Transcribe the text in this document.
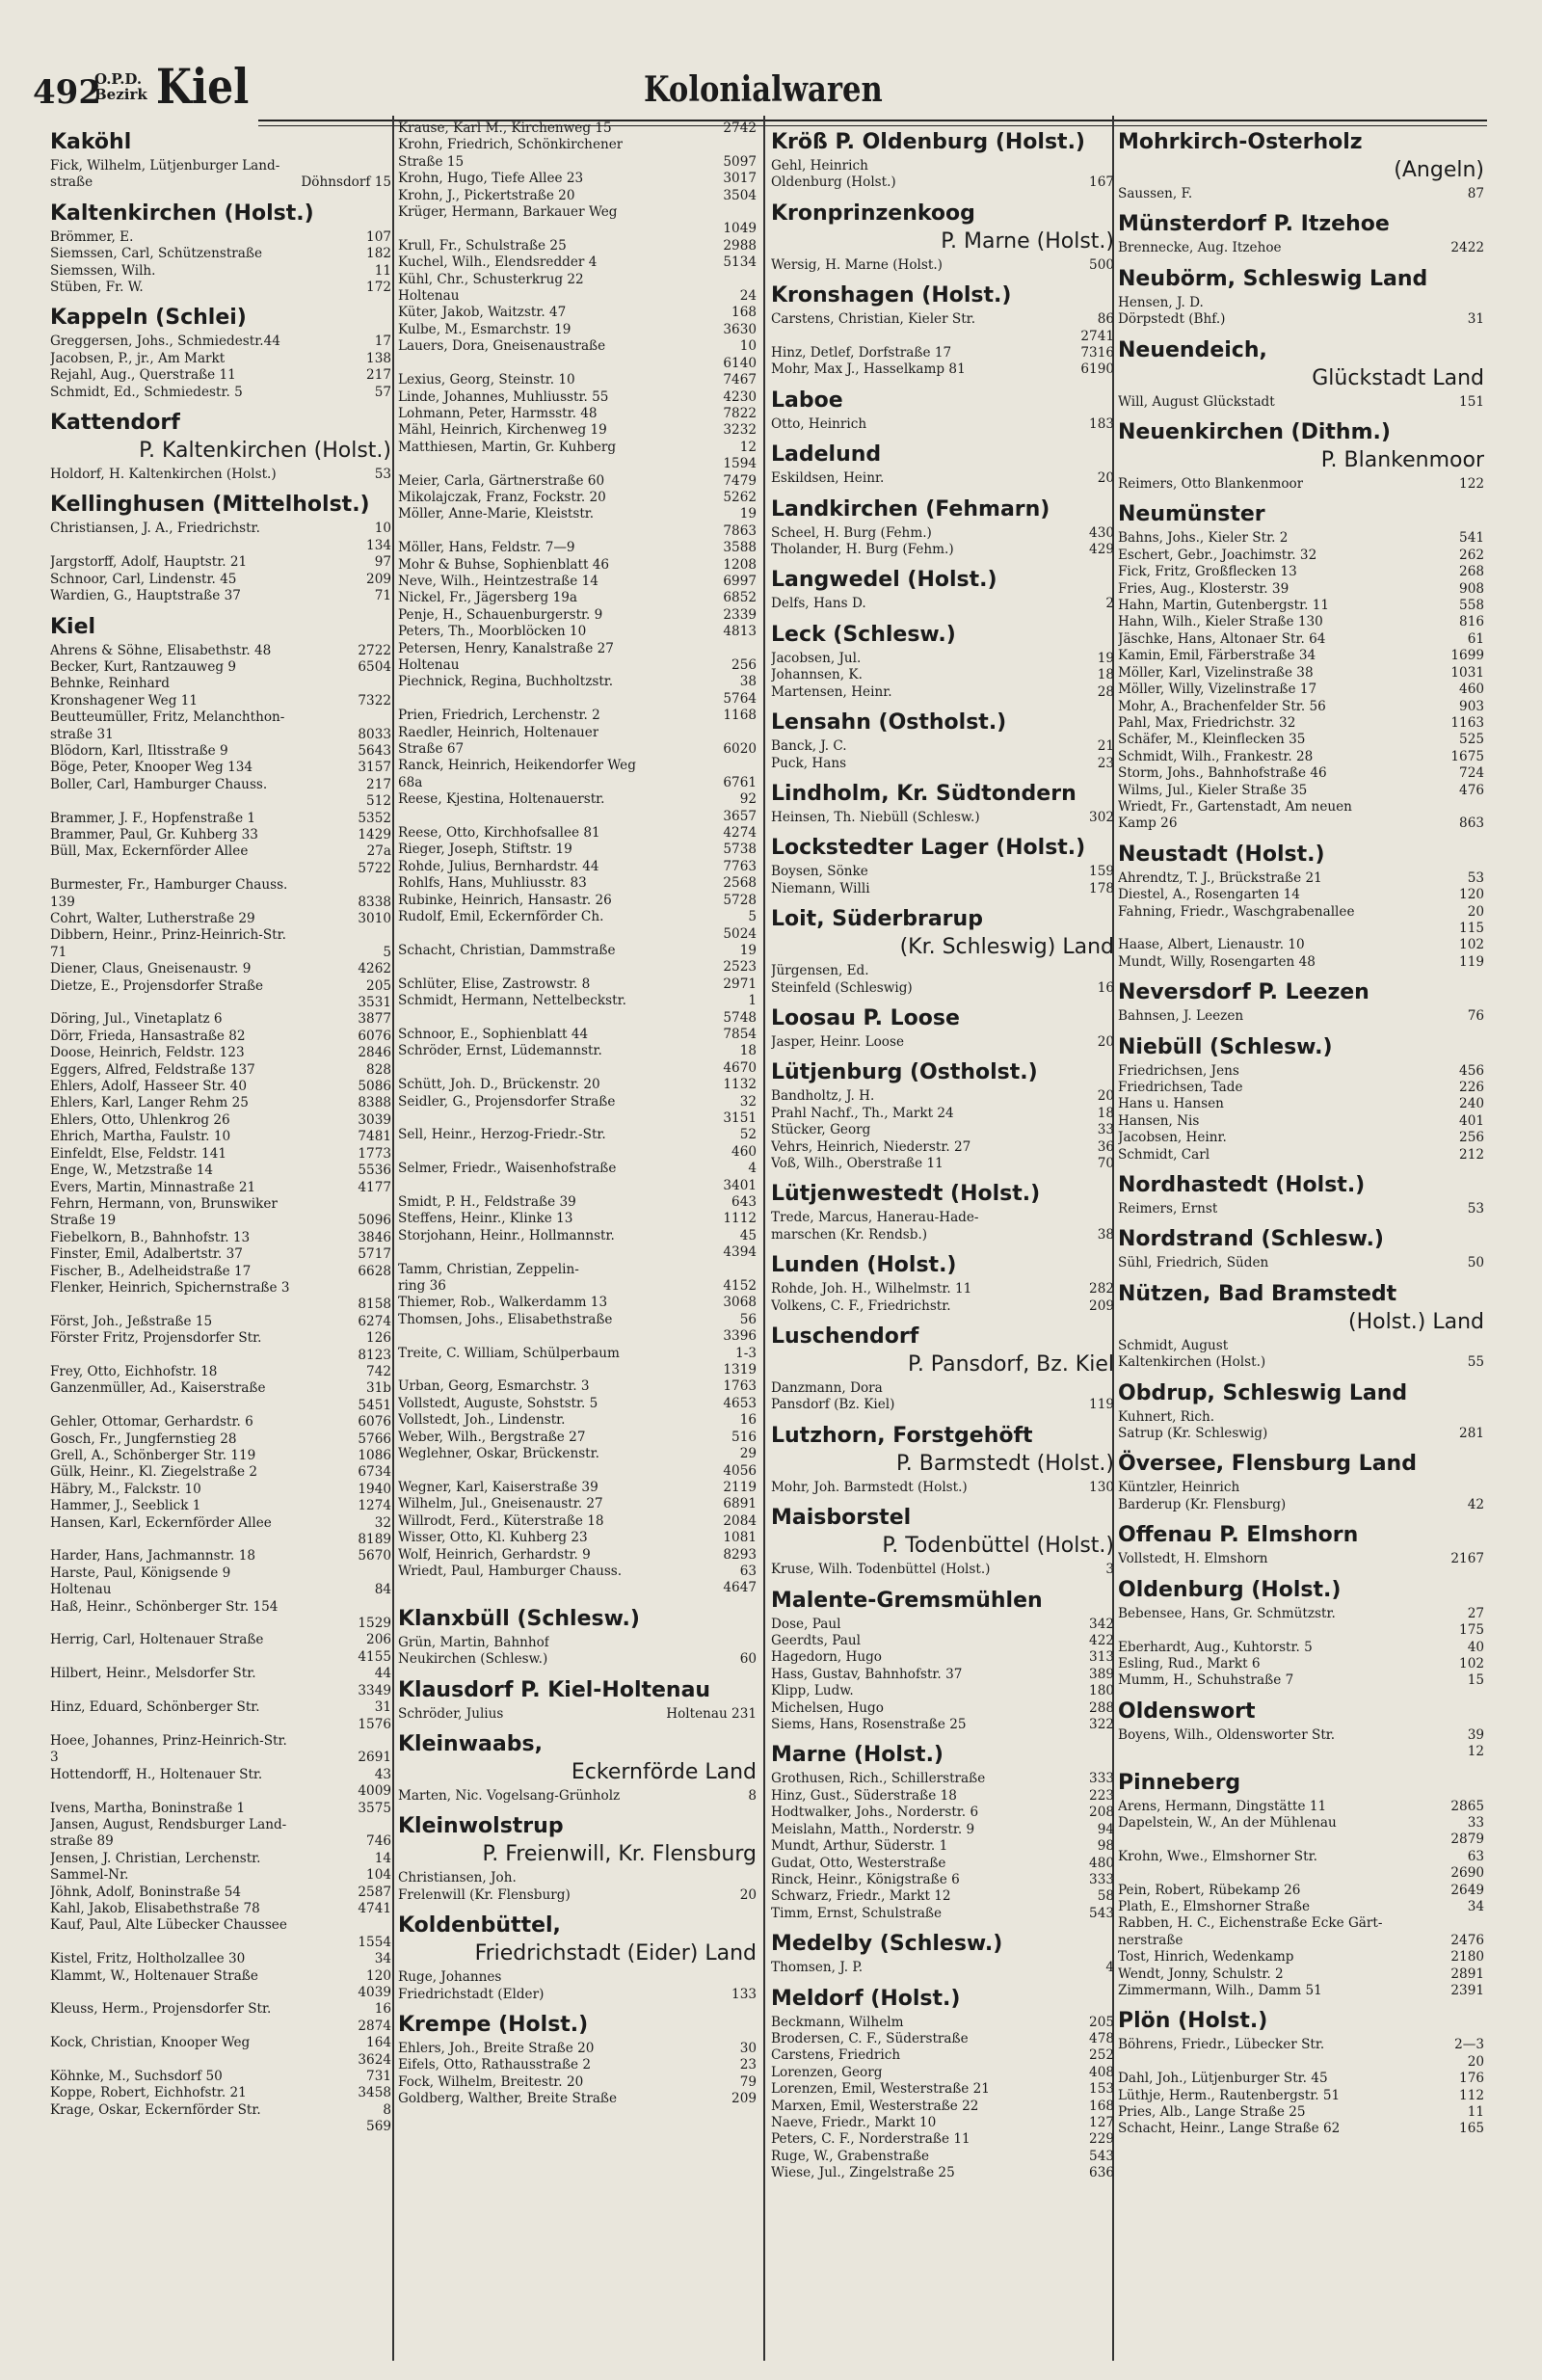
492
O.P.D.
Bezirk Kiel	Kolonialwaren
Kaköhl
Fick, Wilhelm, Lütjenburger Land-
straße	Döhnsdorf 15
Kaltenkirchen (Holst.)
Brömmer, E.	107
Siemssen, Carl, Schützenstraße	182
Siemssen, Wilh.	11
Stüben, Fr. W.	172
Kappeln (Schlei)
Greggersen, Johs., Schmiedestr.44	17
Jacobsen, P., jr., Am Markt	138
Rejahl, Aug., Querstraße 11	217
Schmidt, Ed., Schmiedestr. 5	57
Kattendorf
P. Kaltenkirchen (Holst.)
Holdorf, H. Kaltenkirchen (Holst.)	53
Kellinghusen (Mittelholst.)
Christiansen, J. A., Friedrichstr.	10
134
Jargstorff, Adolf, Hauptstr. 21	97
Schnoor, Carl, Lindenstr. 45	209
Wardien, G., Hauptstraße 37	71
Kiel
Ahrens & Söhne, Elisabethstr. 48	2722
Becker, Kurt, Rantzauweg 9	6504
Behnke, Reinhard
Kronshagener Weg 11	7322
Beutteumüller, Fritz, Melanchthon-
straße 31	8033
Blödorn, Karl, Iltisstraße 9	5643
Böge, Peter, Knooper Weg 134	3157
Boller, Carl, Hamburger Chauss.	217
512
Brammer, J. F., Hopfenstraße 1	5352
Brammer, Paul, Gr. Kuhberg 33	1429
Büll, Max, Eckernförder Allee	27a
5722
Burmester, Fr., Hamburger Chauss.
139	8338
Cohrt, Walter, Lutherstraße 29	3010
Dibbern, Heinr., Prinz-Heinrich-Str.
71	5
Diener, Claus, Gneisenaustr. 9	4262
Dietze, E., Projensdorfer Straße	205
3531
Döring, Jul., Vinetaplatz 6	3877
Dörr, Frieda, Hansastraße 82	6076
Doose, Heinrich, Feldstr. 123	2846
Eggers, Alfred, Feldstraße 137	828
Ehlers, Adolf, Hasseer Str. 40	5086
Ehlers, Karl, Langer Rehm 25	8388
Ehlers, Otto, Uhlenkrog 26	3039
Ehrich, Martha, Faulstr. 10	7481
Einfeldt, Else, Feldstr. 141	1773
Enge, W., Metzstraße 14	5536
Evers, Martin, Minnastraße 21	4177
Fehrn, Hermann, von, Brunswiker
Straße 19	5096
Fiebelkorn, B., Bahnhofstr. 13	3846
Finster, Emil, Adalbertstr. 37	5717
Fischer, B., Adelheidstraße 17	6628
Flenker, Heinrich, Spichernstraße 3
8158
Först, Joh., Jeßstraße 15	6274
Förster Fritz, Projensdorfer Str.	126
8123
Frey, Otto, Eichhofstr. 18	742
Ganzenmüller, Ad., Kaiserstraße	31b
5451
Gehler, Ottomar, Gerhardstr. 6	6076
Gosch, Fr., Jungfernstieg 28	5766
Grell, A., Schönberger Str. 119	1086
Gülk, Heinr., Kl. Ziegelstraße 2	6734
Häbry, M., Falckstr. 10	1940
Hammer, J., Seeblick 1	1274
Hansen, Karl, Eckernförder Allee	32
8189
Harder, Hans, Jachmannstr. 18	5670
Harste, Paul, Königsende 9
Holtenau	84
Haß, Heinr., Schönberger Str. 154
1529
Herrig, Carl, Holtenauer Straße	206
4155
Hilbert, Heinr., Melsdorfer Str.	44
3349
Hinz, Eduard, Schönberger Str.	31
1576
Hoee, Johannes, Prinz-Heinrich-Str.
3	2691
Hottendorff, H., Holtenauer Str.	43
4009
Ivens, Martha, Boninstraße 1	3575
Jansen, August, Rendsburger Land-
straße 89	746
Jensen, J. Christian, Lerchenstr.	14
Sammel-Nr.	104
Jöhnk, Adolf, Boninstraße 54	2587
Kahl, Jakob, Elisabethstraße 78	4741
Kauf, Paul, Alte Lübecker Chaussee
1554
Kistel, Fritz, Holtholzallee 30	34
Klammt, W., Holtenauer Straße	120
4039
Kleuss, Herm., Projensdorfer Str.	16
2874
Kock, Christian, Knooper Weg	164
3624
Köhnke, M., Suchsdorf 50	731
Koppe, Robert, Eichhofstr. 21	3458
Krage, Oskar, Eckernförder Str.	8
569
Krause, Karl M., Kirchenweg 15	2742
Krohn, Friedrich, Schönkirchener
Straße 15	5097
Krohn, Hugo, Tiefe Allee 23	3017
Krohn, J., Pickertstraße 20	3504
Krüger, Hermann, Barkauer Weg
1049
Krull, Fr., Schulstraße 25	2988
Kuchel, Wilh., Elendsredder 4	5134
Kühl, Chr., Schusterkrug 22
Holtenau	24
Küter, Jakob, Waitzstr. 47	168
Kulbe, M., Esmarchstr. 19	3630
Lauers, Dora, Gneisenaustraße	10
6140
Lexius, Georg, Steinstr. 10	7467
Linde, Johannes, Muhliusstr. 55	4230
Lohmann, Peter, Harmsstr. 48	7822
Mähl, Heinrich, Kirchenweg 19	3232
Matthiesen, Martin, Gr. Kuhberg	12
1594
Meier, Carla, Gärtnerstraße 60	7479
Mikolajczak, Franz, Fockstr. 20	5262
Möller, Anne-Marie, Kleiststr.	19
7863
Möller, Hans, Feldstr. 7—9	3588
Mohr & Buhse, Sophienblatt 46	1208
Neve, Wilh., Heintzestraße 14	6997
Nickel, Fr., Jägersberg 19a	6852
Penje, H., Schauenburgerstr. 9	2339
Peters, Th., Moorblöcken 10	4813
Petersen, Henry, Kanalstraße 27
Holtenau	256
Piechnick, Regina, Buchholtzstr.	38
5764
Prien, Friedrich, Lerchenstr. 2	1168
Raedler, Heinrich, Holtenauer
Straße 67	6020
Ranck, Heinrich, Heikendorfer Weg
68a	6761
Reese, Kjestina, Holtenauerstr.	92
3657
Reese, Otto, Kirchhofsallee 81	4274
Rieger, Joseph, Stiftstr. 19	5738
Rohde, Julius, Bernhardstr. 44	7763
Rohlfs, Hans, Muhliusstr. 83	2568
Rubinke, Heinrich, Hansastr. 26	5728
Rudolf, Emil, Eckernförder Ch.	5
5024
Schacht, Christian, Dammstraße	19
2523
Schlüter, Elise, Zastrowstr. 8	2971
Schmidt, Hermann, Nettelbeckstr.	1
5748
Schnoor, E., Sophienblatt 44	7854
Schröder, Ernst, Lüdemannstr.	18
4670
Schütt, Joh. D., Brückenstr. 20	1132
Seidler, G., Projensdorfer Straße	32
3151
Sell, Heinr., Herzog-Friedr.-Str.	52
460
Selmer, Friedr., Waisenhofstraße	4
3401
Smidt, P. H., Feldstraße 39	643
Steffens, Heinr., Klinke 13	1112
Storjohann, Heinr., Hollmannstr.	45
4394
Tamm, Christian, Zeppelin-
ring 36	4152
Thiemer, Rob., Walkerdamm 13	3068
Thomsen, Johs., Elisabethstraße	56
3396
Treite, C. William, Schülperbaum	1-3
1319
Urban, Georg, Esmarchstr. 3	1763
Vollstedt, Auguste, Sohststr. 5	4653
Vollstedt, Joh., Lindenstr.	16
Weber, Wilh., Bergstraße 27	516
Weglehner, Oskar, Brückenstr.	29
4056
Wegner, Karl, Kaiserstraße 39	2119
Wilhelm, Jul., Gneisenaustr. 27	6891
Willrodt, Ferd., Küterstraße 18	2084
Wisser, Otto, Kl. Kuhberg 23	1081
Wolf, Heinrich, Gerhardstr. 9	8293
Wriedt, Paul, Hamburger Chauss.	63
4647
Klanxbüll (Schlesw.)
Grün, Martin, Bahnhof
Neukirchen (Schlesw.)	60
Klausdorf P. Kiel-Holtenau
Schröder, Julius	Holtenau 231
Kleinwaabs,
Eckernförde Land
Marten, Nic. Vogelsang-Grünholz	8
Kleinwolstrup
P. Freienwill, Kr. Flensburg
Christiansen, Joh.
Frelenwill (Kr. Flensburg)	20
Koldenbüttel,
Friedrichstadt (Eider) Land
Ruge, Johannes
Friedrichstadt (Elder)	133
Krempe (Holst.)
Ehlers, Joh., Breite Straße 20	30
Eifels, Otto, Rathausstraße 2	23
Fock, Wilhelm, Breitestr. 20	79
Goldberg, Walther, Breite Straße	209
Kröß P. Oldenburg (Holst.)
Gehl, Heinrich
Oldenburg (Holst.)	167
Kronprinzenkoog
P. Marne (Holst.)
Wersig, H. Marne (Holst.)	500
Kronshagen (Holst.)
Carstens, Christian, Kieler Str.	86
2741
Hinz, Detlef, Dorfstraße 17	7316
Mohr, Max J., Hasselkamp 81	6190
Laboe
Otto, Heinrich	183
Ladelund
Eskildsen, Heinr.	20
Landkirchen (Fehmarn)
Scheel, H. Burg (Fehm.)	430
Tholander, H. Burg (Fehm.)	429
Langwedel (Holst.)
Delfs, Hans D.	2
Leck (Schlesw.)
Jacobsen, Jul.	19
Johannsen, K.	18
Martensen, Heinr.	28
Lensahn (Ostholst.)
Banck, J. C.	21
Puck, Hans	23
Lindholm, Kr. Südtondern
Heinsen, Th. Niebüll (Schlesw.)	302
Lockstedter Lager (Holst.)
Boysen, Sönke	159
Niemann, Willi	178
Loit, Süderbrarup
(Kr. Schleswig) Land
Jürgensen, Ed.
Steinfeld (Schleswig)	16
Loosau P. Loose
Jasper, Heinr. Loose	20
Lütjenburg (Ostholst.)
Bandholtz, J. H.	20
Prahl Nachf., Th., Markt 24	18
Stücker, Georg	33
Vehrs, Heinrich, Niederstr. 27	36
Voß, Wilh., Oberstraße 11	70
Lütjenwestedt (Holst.)
Trede, Marcus, Hanerau-Hade-
marschen (Kr. Rendsb.)	38
Lunden (Holst.)
Rohde, Joh. H., Wilhelmstr. 11	282
Volkens, C. F., Friedrichstr.	209
Luschendorf
P. Pansdorf, Bz. Kiel
Danzmann, Dora
Pansdorf (Bz. Kiel)	119
Lutzhorn, Forstgehöft
P. Barmstedt (Holst.)
Mohr, Joh. Barmstedt (Holst.)	130
Maisborstel
P. Todenbüttel (Holst.)
Kruse, Wilh. Todenbüttel (Holst.)	3
Malente-Gremsmühlen
Dose, Paul	342
Geerdts, Paul	422
Hagedorn, Hugo	313
Hass, Gustav, Bahnhofstr. 37	389
Klipp, Ludw.	180
Michelsen, Hugo	288
Siems, Hans, Rosenstraße 25	322
Marne (Holst.)
Grothusen, Rich., Schillerstraße	333
Hinz, Gust., Süderstraße 18	223
Hodtwalker, Johs., Norderstr. 6	208
Meislahn, Matth., Norderstr. 9	94
Mundt, Arthur, Süderstr. 1	98
Gudat, Otto, Westerstraße	480
Rinck, Heinr., Königstraße 6	333
Schwarz, Friedr., Markt 12	58
Timm, Ernst, Schulstraße	543
Medelby (Schlesw.)
Thomsen, J. P.	4
Meldorf (Holst.)
Beckmann, Wilhelm	205
Brodersen, C. F., Süderstraße	478
Carstens, Friedrich	252
Lorenzen, Georg	408
Lorenzen, Emil, Westerstraße 21	153
Marxen, Emil, Westerstraße 22	168
Naeve, Friedr., Markt 10	127
Peters, C. F., Norderstraße 11	229
Ruge, W., Grabenstraße	543
Wiese, Jul., Zingelstraße 25	636
Mohrkirch-Osterholz
(Angeln)
Saussen, F.	87
Münsterdorf P. Itzehoe
Brennecke, Aug. Itzehoe	2422
Neubörm, Schleswig Land
Hensen, J. D.
Dörpstedt (Bhf.)	31
Neuendeich,
Glückstadt Land
Will, August Glückstadt	151
Neuenkirchen (Dithm.)
P. Blankenmoor
Reimers, Otto Blankenmoor	122
Neumünster
Bahns, Johs., Kieler Str. 2	541
Eschert, Gebr., Joachimstr. 32	262
Fick, Fritz, Großflecken 13	268
Fries, Aug., Klosterstr. 39	908
Hahn, Martin, Gutenbergstr. 11	558
Hahn, Wilh., Kieler Straße 130	816
Jäschke, Hans, Altonaer Str. 64	61
Kamin, Emil, Färberstraße 34	1699
Möller, Karl, Vizelinstraße 38	1031
Möller, Willy, Vizelinstraße 17	460
Mohr, A., Brachenfelder Str. 56	903
Pahl, Max, Friedrichstr. 32	1163
Schäfer, M., Kleinflecken 35	525
Schmidt, Wilh., Frankestr. 28	1675
Storm, Johs., Bahnhofstraße 46	724
Wilms, Jul., Kieler Straße 35	476
Wriedt, Fr., Gartenstadt, Am neuen
Kamp 26	863
Neustadt (Holst.)
Ahrendtz, T. J., Brückstraße 21	53
Diestel, A., Rosengarten 14	120
Fahning, Friedr., Waschgrabenallee	20
115
Haase, Albert, Lienaustr. 10	102
Mundt, Willy, Rosengarten 48	119
Neversdorf P. Leezen
Bahnsen, J. Leezen	76
Niebüll (Schlesw.)
Friedrichsen, Jens	456
Friedrichsen, Tade	226
Hans u. Hansen	240
Hansen, Nis	401
Jacobsen, Heinr.	256
Schmidt, Carl	212
Nordhastedt (Holst.)
Reimers, Ernst	53
Nordstrand (Schlesw.)
Sühl, Friedrich, Süden	50
Nützen, Bad Bramstedt
(Holst.) Land
Schmidt, August
Kaltenkirchen (Holst.)	55
Obdrup, Schleswig Land
Kuhnert, Rich.
Satrup (Kr. Schleswig)	281
Översee, Flensburg Land
Küntzler, Heinrich
Barderup (Kr. Flensburg)	42
Offenau P. Elmshorn
Vollstedt, H. Elmshorn	2167
Oldenburg (Holst.)
Bebensee, Hans, Gr. Schmützstr.	27
175
Eberhardt, Aug., Kuhtorstr. 5	40
Esling, Rud., Markt 6	102
Mumm, H., Schuhstraße 7	15
Oldenswort
Boyens, Wilh., Oldensworter Str.	39
12
Pinneberg
Arens, Hermann, Dingstätte 11	2865
Dapelstein, W., An der Mühlenau	33
2879
Krohn, Wwe., Elmshorner Str.	63
2690
Pein, Robert, Rübekamp 26	2649
Plath, E., Elmshorner Straße	34
Rabben, H. C., Eichenstraße Ecke Gärt-
nerstraße	2476
Tost, Hinrich, Wedenkamp	2180
Wendt, Jonny, Schulstr. 2	2891
Zimmermann, Wilh., Damm 51	2391
Plön (Holst.)
Böhrens, Friedr., Lübecker Str.	2—3
20
Dahl, Joh., Lütjenburger Str. 45	176
Lüthje, Herm., Rautenbergstr. 51	112
Pries, Alb., Lange Straße 25	11
Schacht, Heinr., Lange Straße 62	165
